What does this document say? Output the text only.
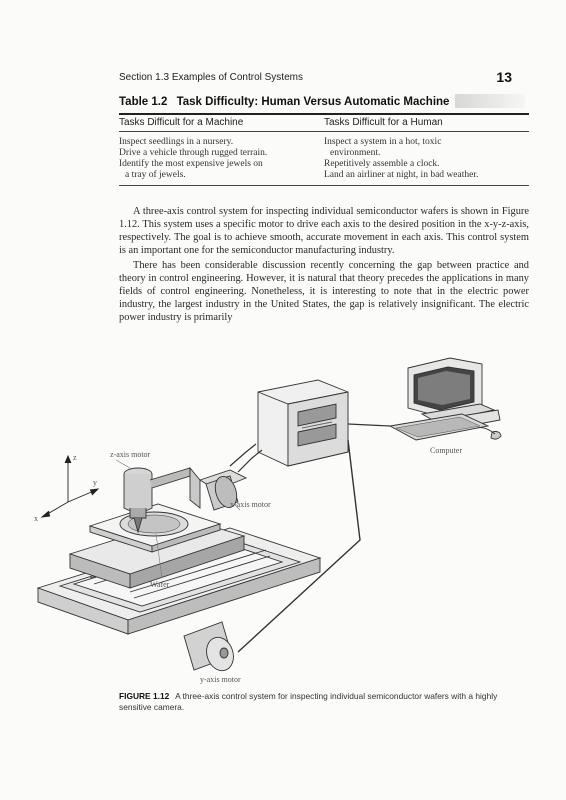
Section 1.3 Examples of Control Systems	13
Table 1.2 Task Difficulty: Human Versus Automatic Machine
Tasks Difficult for a Machine	Tasks Difficult for a Human
Inspect seedlings in a nursery.
Drive a vehicle through rugged terrain.
Identify the most expensive jewels on
a tray of jewels.
Inspect a system in a hot, toxic
environment.
Repetitively assemble a clock.
Land an airliner at night, in bad weather.

A three-axis control system for inspecting individual semiconductor wafers is shown in Figure 1.12. This system uses a specific motor to drive each axis to the desired position in the x-y-z-axis, respectively. The goal is to achieve smooth, accurate movement in each axis. This control system is an important one for the semiconductor manufacturing industry.

There has been considerable discussion recently concerning the gap between practice and theory in control engineering. However, it is natural that theory precedes the applications in many fields of control engineering. Nonetheless, it is interesting to note that in the electric power industry, the largest industry in the United States, the gap is relatively insignificant. The electric power industry is primarily

z-axis motor
x-axis motor
Wafer
y-axis motor
Computer
z
x
y
FIGURE 1.12 A three-axis control system for inspecting individual semiconductor wafers with a highly sensitive camera.
